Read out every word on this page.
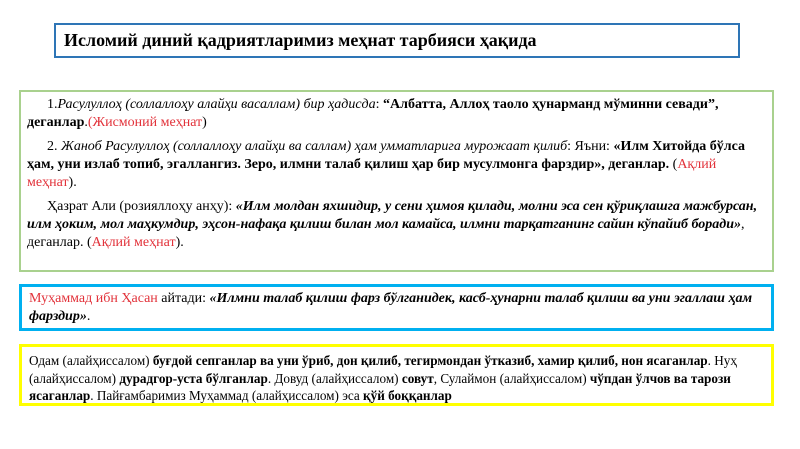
Исломий диний қадриятларимиз меҳнат тарбияси ҳақида

1.Расулуллоҳ (соллаллоҳу алайҳи васаллам) бир ҳадисда: “Албатта, Аллоҳ таоло ҳунарманд мўминни севади”, деганлар.(Жисмоний меҳнат)

2. Жаноб Расулуллоҳ (соллаллоҳу алайҳи ва саллам) ҳам умматларига мурожаат қилиб: Яъни: «Илм Хитойда бўлса ҳам, уни излаб топиб, эгаллангиз. Зеро, илмни талаб қилиш ҳар бир мусулмонга фарздир», деганлар. (Ақлий меҳнат).

Ҳазрат Али (розияллоҳу анҳу): «Илм молдан яхшидир, у сени ҳимоя қилади, молни эса сен қўриқлашга мажбурсан, илм ҳоким, мол маҳкумдир, эҳсон-нафақа қилиш билан мол камайса, илмни тарқатганинг сайин кўпайиб боради», деганлар. (Ақлий меҳнат).

Муҳаммад ибн Ҳасан айтади: «Илмни талаб қилиш фарз бўлганидек, касб-ҳунарни талаб қилиш ва уни эгаллаш ҳам фарздир».
Одам (алайҳиссалом) буғдой сепганлар ва уни ўриб, дон қилиб, тегирмондан ўтказиб, хамир қилиб, нон ясаганлар. Нуҳ (алайҳиссалом) дурадгор-уста бўлганлар. Довуд (алайҳиссалом) совут, Сулаймон (алайҳиссалом) чўпдан ўлчов ва тарози ясаганлар. Пайғамбаримиз Муҳаммад (алайҳиссалом) эса қўй боққанлар
